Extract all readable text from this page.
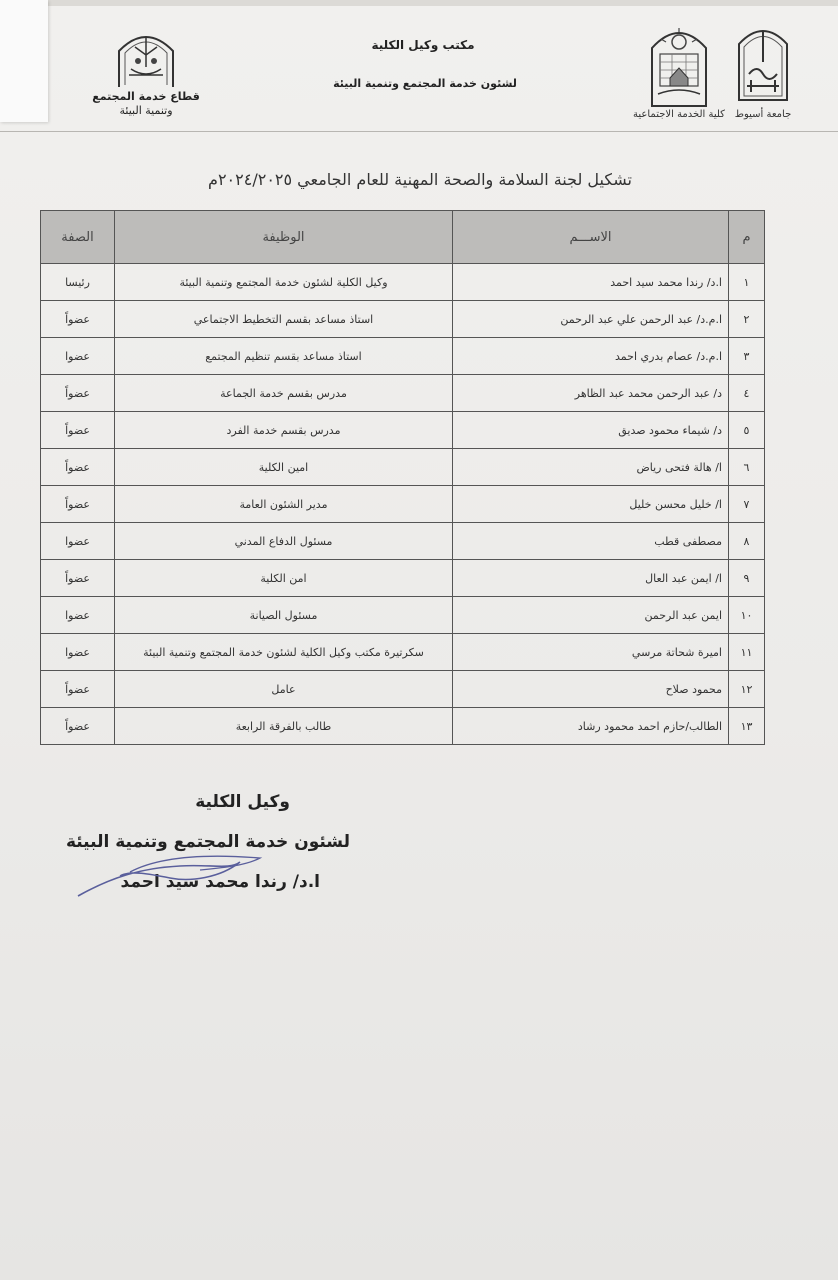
جامعة أسيوط
كلية الخدمة الاجتماعية
مكتب وكيل الكلية
لشئون خدمة المجتمع وتنمية البيئة
قطاع خدمة المجتمع
وتنمية البيئة
تشكيل لجنة السلامة والصحة المهنية للعام الجامعي ٢٠٢٤/٢٠٢٥م
م	الاســـم	الوظيفة	الصفة
١	ا.د/ رندا محمد سيد احمد	وكيل الكلية لشئون خدمة المجتمع وتنمية البيئة	رئيسا
٢	ا.م.د/ عبد الرحمن علي عبد الرحمن	استاذ مساعد بقسم التخطيط الاجتماعي	عضواً
٣	ا.م.د/ عصام بدري احمد	استاذ مساعد بقسم تنظيم المجتمع	عضوا
٤	د/ عبد الرحمن محمد عبد الظاهر	مدرس بقسم خدمة الجماعة	عضواً
٥	د/ شيماء محمود صديق	مدرس بقسم خدمة الفرد	عضواً
٦	ا/ هالة فتحى رياض	امين الكلية	عضواً
٧	ا/ خليل محسن خليل	مدير الشئون العامة	عضواً
٨	مصطفى قطب	مسئول الدفاع المدني	عضوا
٩	ا/ ايمن عبد العال	امن الكلية	عضواً
١٠	ايمن عبد الرحمن	مسئول الصيانة	عضوا
١١	اميرة شحاتة مرسي	سكرتيرة مكتب وكيل الكلية لشئون خدمة المجتمع وتنمية البيئة	عضوا
١٢	محمود صلاح	عامل	عضواً
١٣	الطالب/حازم احمد محمود رشاد	طالب بالفرقة الرابعة	عضواً
وكيل الكلية
لشئون خدمة المجتمع وتنمية البيئة
ا.د/ رندا محمد سيد احمد
